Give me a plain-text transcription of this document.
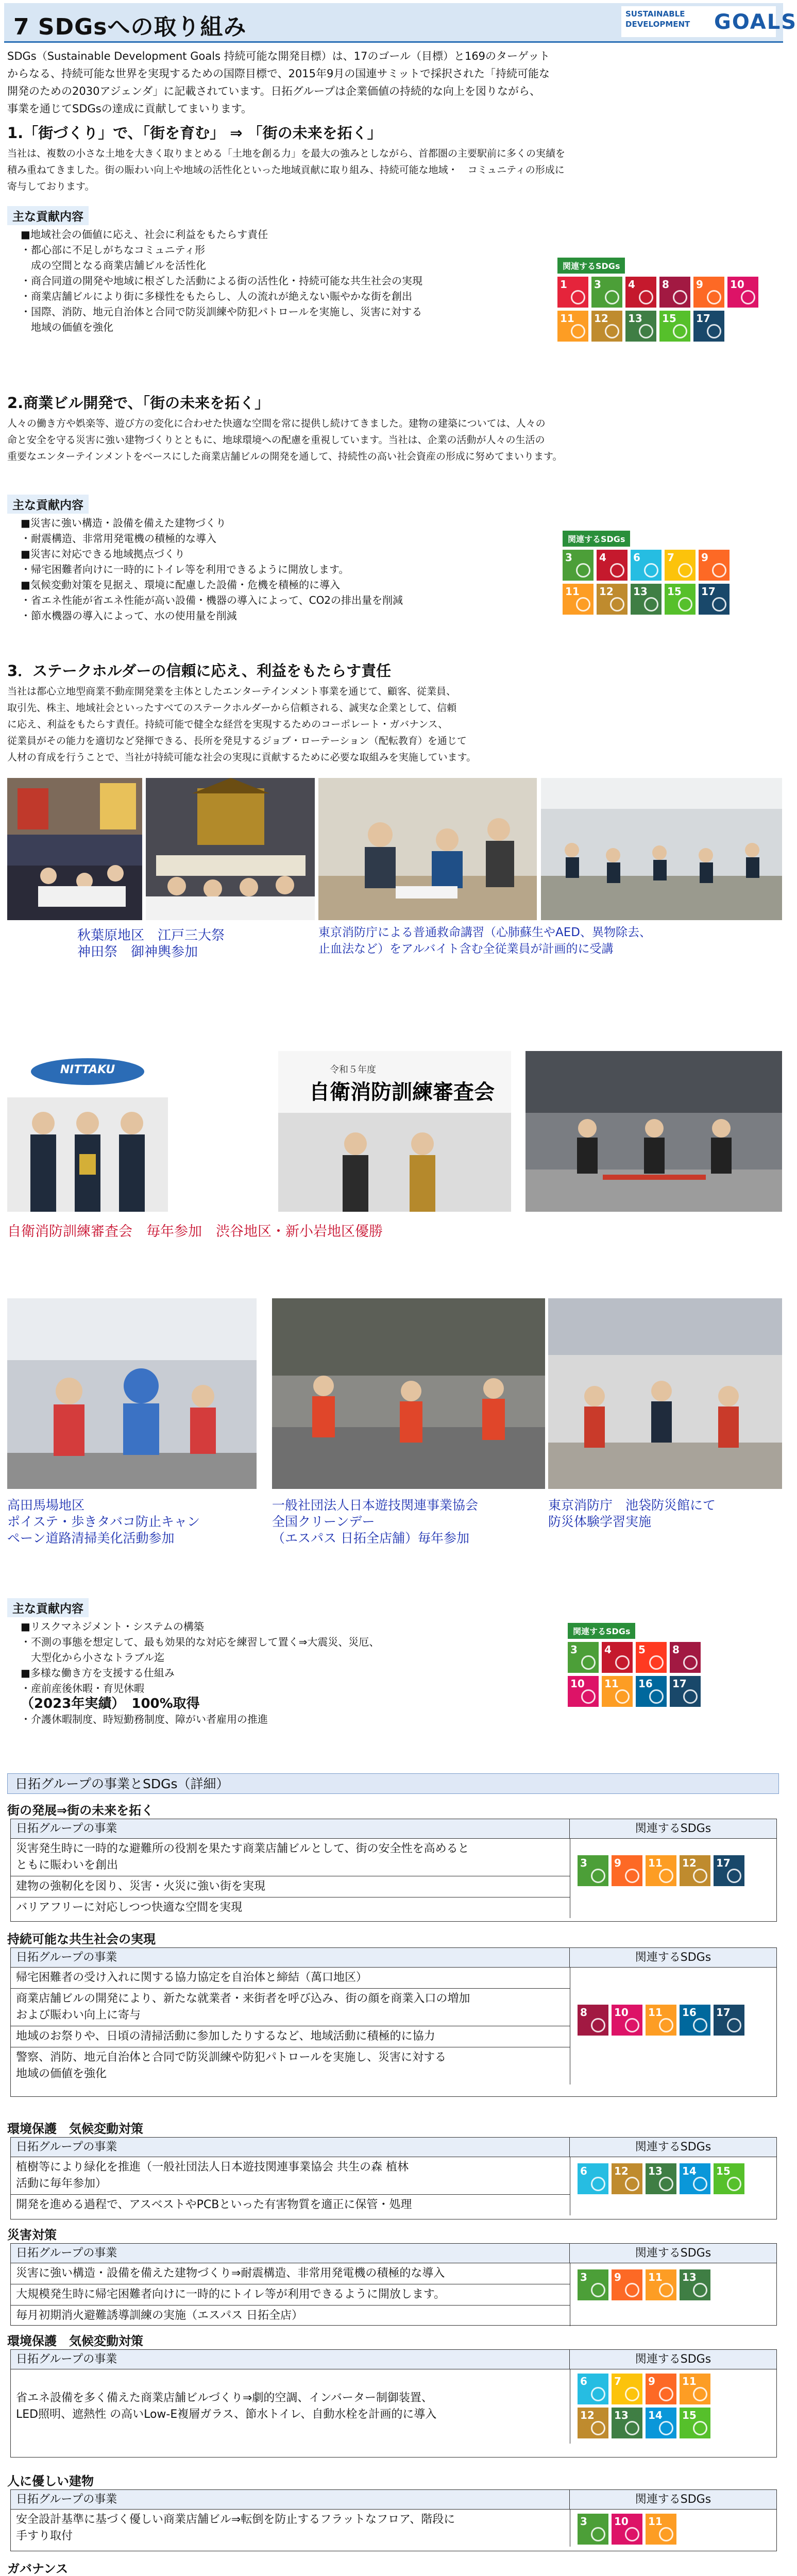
7 SDGsへの取り組み	SUSTAINABLE
DEVELOPMENT GOALS
SDGs（Sustainable Development Goals 持続可能な開発目標）は、17のゴール（目標）と169のターゲット
からなる、持続可能な世界を実現するための国際目標で、2015年9月の国連サミットで採択された「持続可能な
開発のための2030アジェンダ」に記載されています。日拓グループは企業価値の持続的な向上を図りながら、
事業を通じてSDGsの達成に貢献してまいります。
1.「街づくり」で、「街を育む」 ⇒ 「街の未来を拓く」
当社は、複数の小さな土地を大きく取りまとめる「土地を創る力」を最大の強みとしながら、首都圏の主要駅前に多くの実績を
積み重ねてきました。街の賑わい向上や地域の活性化といった地域貢献に取り組み、持続可能な地域・　コミュニティの形成に
寄与しております。
主な貢献内容
■地域社会の価値に応え、社会に利益をもたらす責任
・都心部に不足しがちなコミュニティ形
　成の空間となる商業店舗ビルを活性化
・商合同道の開発や地域に根ざした活動による街の活性化・持続可能な共生社会の実現
・商業店舗ビルにより街に多様性をもたらし、人の流れが絶えない賑やかな街を創出
・国際、消防、地元自治体と合同で防災訓練や防犯パトロールを実施し、災害に対する
　地域の価値を強化
関連するSDGs
1	3	4	8	9	10
11 12 13 15 17
2.商業ビル開発で、「街の未来を拓く」
人々の働き方や娯楽等、遊び方の変化に合わせた快適な空間を常に提供し続けてきました。建物の建築については、人々の
命と安全を守る災害に強い建物づくりとともに、地球環境への配慮を重視しています。当社は、企業の活動が人々の生活の
重要なエンターテインメントをベースにした商業店舗ビルの開発を通して、持続性の高い社会資産の形成に努めてまいります。
主な貢献内容
■災害に強い構造・設備を備えた建物づくり
・耐震構造、非常用発電機の積極的な導入
■災害に対応できる地域拠点づくり
・帰宅困難者向けに一時的にトイレ等を利用できるように開放します。
■気候変動対策を見据え、環境に配慮した設備・危機を積極的に導入
・省エネ性能が省エネ性能が高い設備・機器の導入によって、CO2の排出量を削減
・節水機器の導入によって、水の使用量を削減
関連するSDGs
3	4	6	7	9
11 12 13 15 17
3．ステークホルダーの信頼に応え、利益をもたらす責任
当社は都心立地型商業不動産開発業を主体としたエンターテインメント事業を通じて、顧客、従業員、
取引先、株主、地域社会といったすべてのステークホルダーから信頼される、誠実な企業として、信頼
に応え、利益をもたらす責任。持続可能で健全な経営を実現するためのコーポレート・ガバナンス、
従業員がその能力を適切など発揮できる、長所を発見するジョブ・ローテーション（配転教育）を通じて
人材の育成を行うことで、当社が持続可能な社会の実現に貢献するために必要な取組みを実施しています。
秋葉原地区　江戸三大祭
神田祭　御神輿参加
東京消防庁による普通救命講習（心肺蘇生やAED、異物除去、
止血法など）をアルバイト含む全従業員が計画的に受講
NITTAKU	令和５年度
自衛消防訓練審査会
自衛消防訓練審査会　毎年参加　渋谷地区・新小岩地区優勝
高田馬場地区
ポイステ・歩きタバコ防止キャン
ペーン道路清掃美化活動参加
一般社団法人日本遊技関連事業協会
全国クリーンデー
（エスパス 日拓全店舗）毎年参加
東京消防庁　池袋防災館にて
防災体験学習実施
主な貢献内容
■リスクマネジメント・システムの構築
・不測の事態を想定して、最も効果的な対応を練習して置く⇒大震災、災厄、
　大型化から小さなトラブル迄
■多様な働き方を支援する仕組み
・産前産後休暇・育児休暇
（2023年実績）　100%取得
・介護休暇制度、時短勤務制度、障がい者雇用の推進
関連するSDGs
3	4	5	8
10 11 16 17
日拓グループの事業とSDGs（詳細）
街の発展⇒街の未来を拓く
日拓グループの事業	関連するSDGs
災害発生時に一時的な避難所の役割を果たす商業店舗ビルとして、街の安全性を高めると
ともに賑わいを創出
建物の強靭化を図り、災害・火災に強い街を実現
バリアフリーに対応しつつ快適な空間を実現
3	9	11 12 17
持続可能な共生社会の実現
日拓グループの事業	関連するSDGs
帰宅困難者の受け入れに関する協力協定を自治体と締結（萬口地区）
商業店舗ビルの開発により、新たな就業者・来街者を呼び込み、街の顔を商業入口の増加
および賑わい向上に寄与
地域のお祭りや、日頃の清掃活動に参加したりするなど、地域活動に積極的に協力
警察、消防、地元自治体と合同で防災訓練や防犯パトロールを実施し、災害に対する
地域の価値を強化
8	10 11 16 17
環境保護　気候変動対策
日拓グループの事業	関連するSDGs
植樹等により緑化を推進（一般社団法人日本遊技関連事業協会 共生の森 植林
活動に毎年参加）
開発を進める過程で、アスベストやPCBといった有害物質を適正に保管・処理
6	12 13 14 15
災害対策
日拓グループの事業	関連するSDGs
災害に強い構造・設備を備えた建物づくり⇒耐震構造、非常用発電機の積極的な導入
大規模発生時に帰宅困難者向けに一時的にトイレ等が利用できるように開放します。
毎月初期消火避難誘導訓練の実施（エスパス 日拓全店）
3	9	11 13
環境保護　気候変動対策
日拓グループの事業	関連するSDGs
省エネ設備を多く備えた商業店舗ビルづくり⇒劇的空調、インバーター制御装置、
LED照明、遮熱性 の高いLow-E複層ガラス、節水トイレ、自動水栓を計画的に導入
6	7	9	11
12 13 14 15
人に優しい建物
日拓グループの事業	関連するSDGs
安全設計基準に基づく優しい商業店舗ビル⇒転倒を防止するフラットなフロア、階段に
手すり取付
3	10 11
ガバナンス
